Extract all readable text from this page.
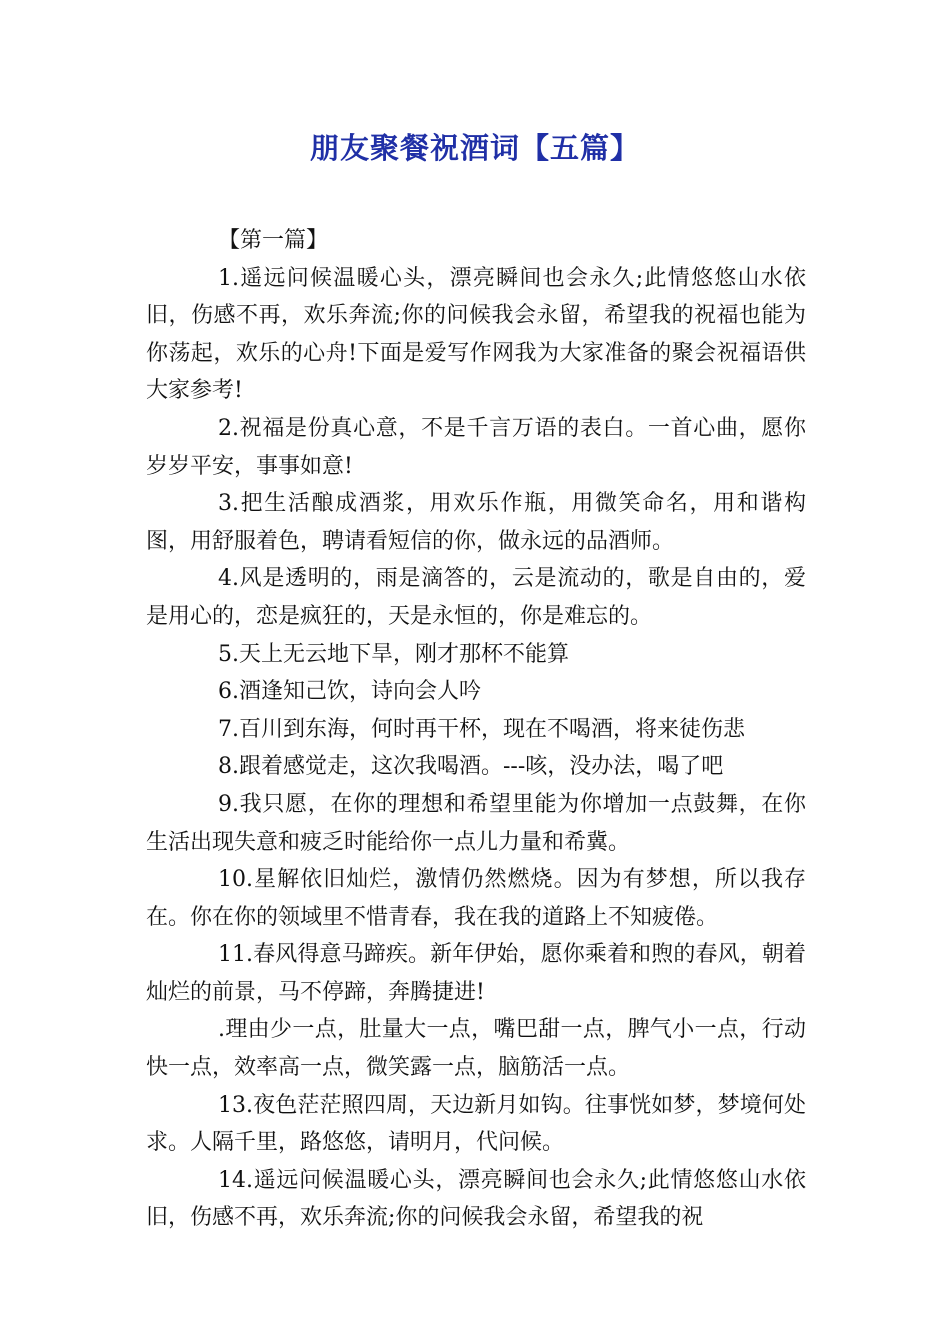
朋友聚餐祝酒词【五篇】

【第一篇】

1.遥远问候温暖心头，漂亮瞬间也会永久;此情悠悠山水依旧，伤感不再，欢乐奔流;你的问候我会永留，希望我的祝福也能为你荡起，欢乐的心舟!下面是爱写作网我为大家准备的聚会祝福语供大家参考!

2.祝福是份真心意，不是千言万语的表白。一首心曲，愿你岁岁平安，事事如意!

3.把生活酿成酒浆，用欢乐作瓶，用微笑命名，用和谐构图，用舒服着色，聘请看短信的你，做永远的品酒师。

4.风是透明的，雨是滴答的，云是流动的，歌是自由的，爱是用心的，恋是疯狂的，天是永恒的，你是难忘的。

5.天上无云地下旱，刚才那杯不能算

6.酒逢知己饮，诗向会人吟

7.百川到东海，何时再干杯，现在不喝酒，将来徒伤悲

8.跟着感觉走，这次我喝酒。---咳，没办法，喝了吧

9.我只愿，在你的理想和希望里能为你增加一点鼓舞，在你生活出现失意和疲乏时能给你一点儿力量和希冀。

10.星解依旧灿烂，激情仍然燃烧。因为有梦想，所以我存在。你在你的领域里不惜青春，我在我的道路上不知疲倦。

11.春风得意马蹄疾。新年伊始，愿你乘着和煦的春风，朝着灿烂的前景，马不停蹄，奔腾捷进!

.理由少一点，肚量大一点，嘴巴甜一点，脾气小一点，行动快一点，效率高一点，微笑露一点，脑筋活一点。

13.夜色茫茫照四周，天边新月如钩。往事恍如梦，梦境何处求。人隔千里，路悠悠，请明月，代问候。

14.遥远问候温暖心头，漂亮瞬间也会永久;此情悠悠山水依旧，伤感不再，欢乐奔流;你的问候我会永留，希望我的祝
